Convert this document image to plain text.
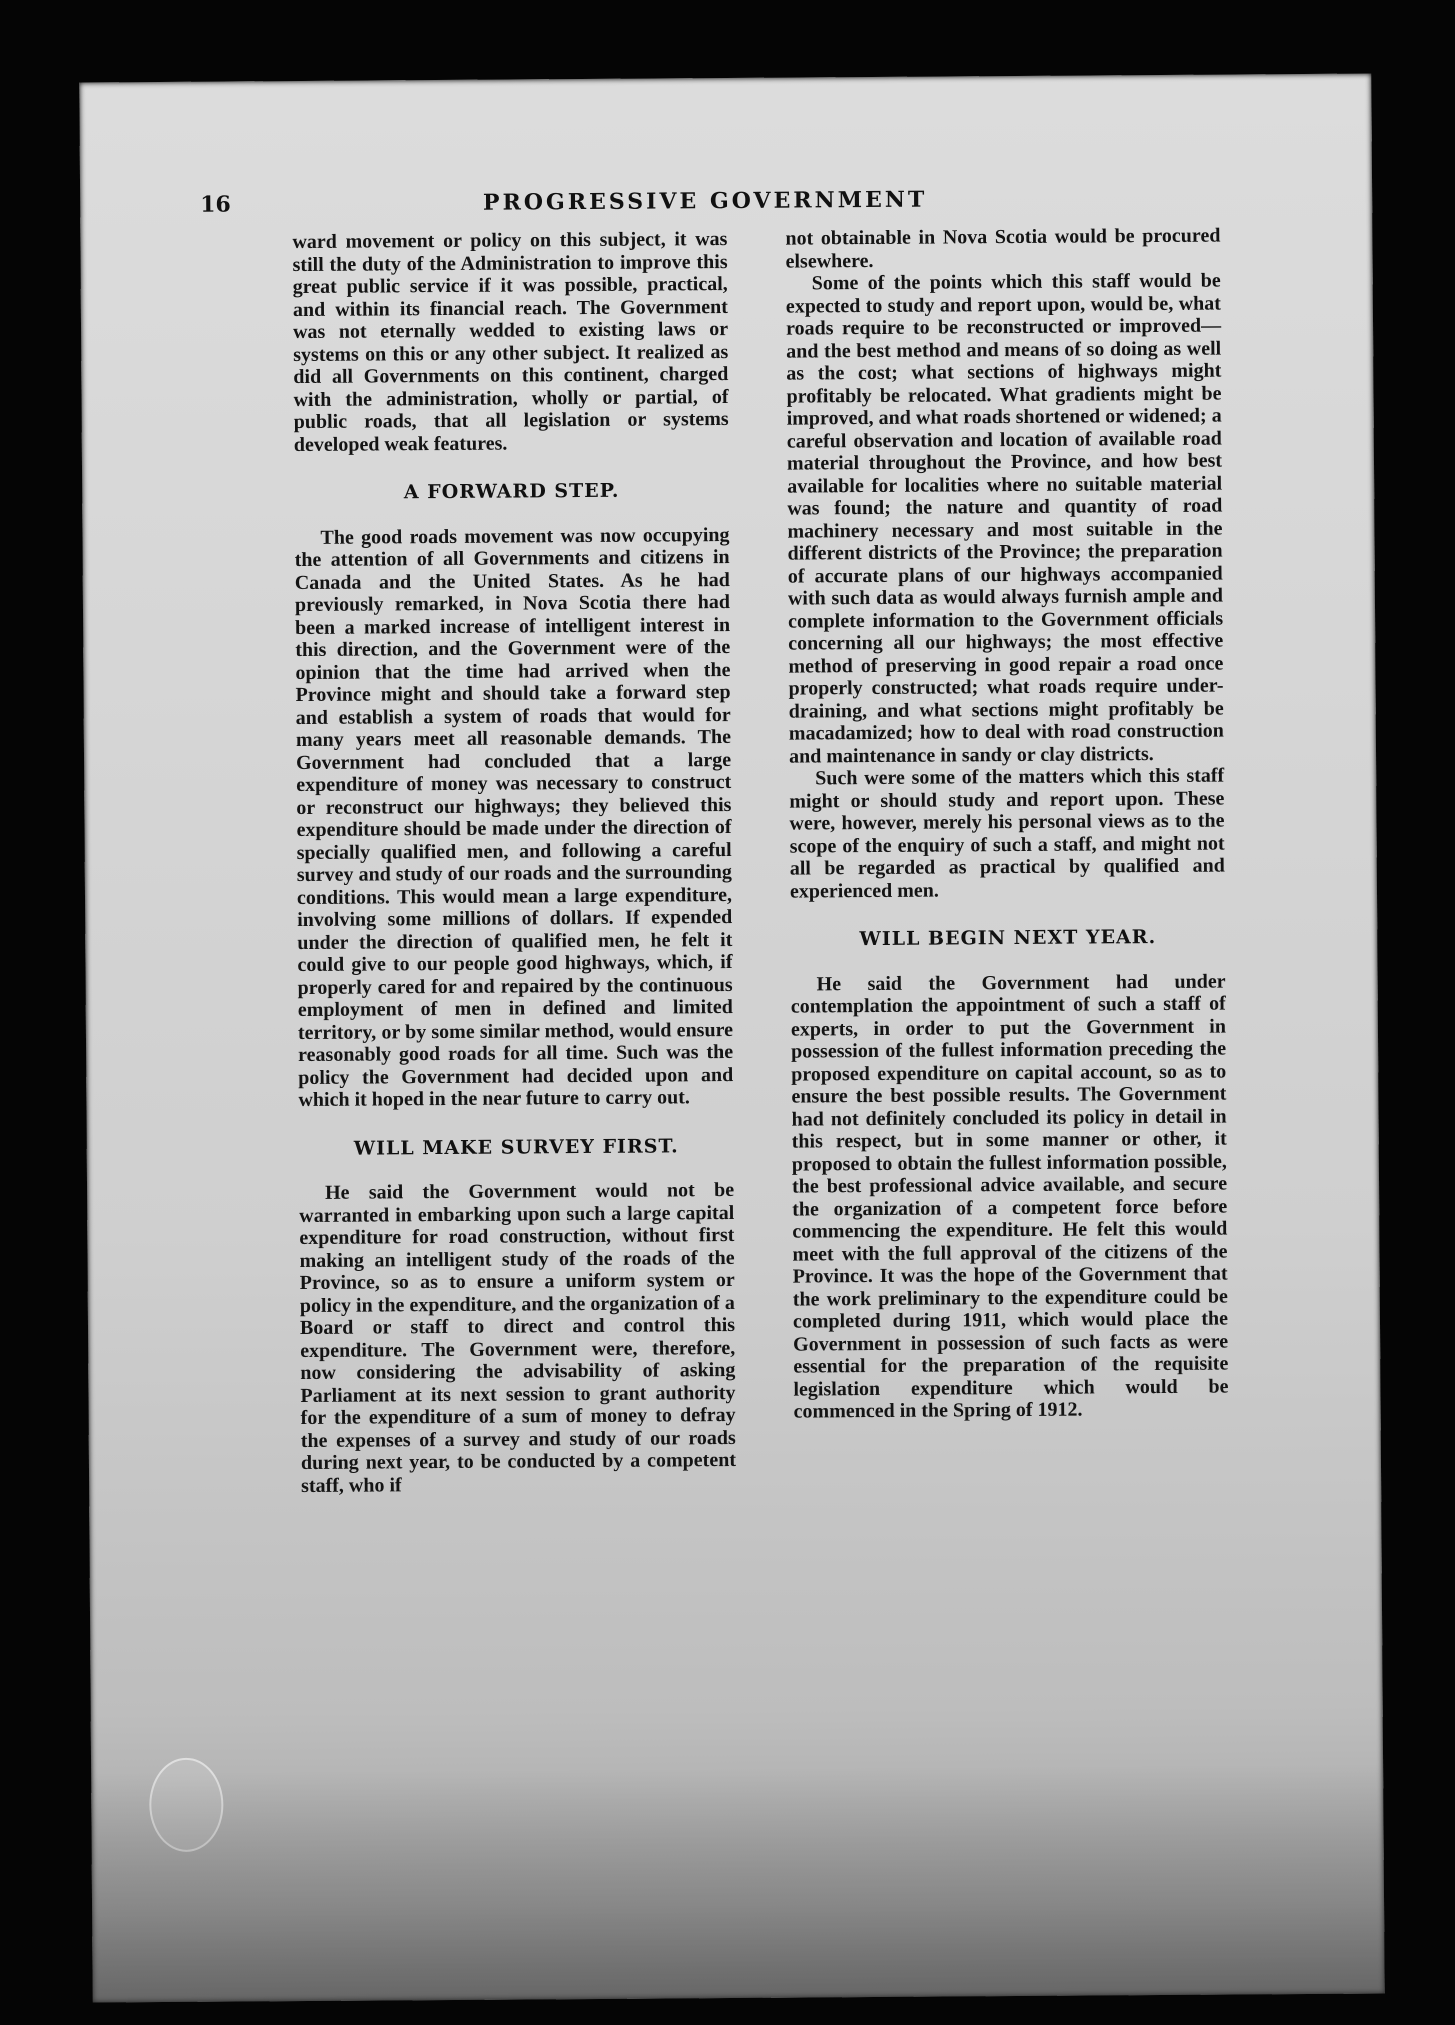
16	PROGRESSIVE GOVERNMENT

ward movement or policy on this subject, it was still the duty of the Administration to improve this great public service if it was possible, practical, and within its financial reach. The Government was not eternally wedded to existing laws or systems on this or any other subject. It realized as did all Governments on this continent, charged with the administration, wholly or partial, of public roads, that all legislation or systems developed weak features.

A FORWARD STEP.

The good roads movement was now occupying the attention of all Governments and citizens in Canada and the United States. As he had previously remarked, in Nova Scotia there had been a marked increase of intelligent interest in this direction, and the Government were of the opinion that the time had arrived when the Province might and should take a forward step and establish a system of roads that would for many years meet all reasonable demands. The Government had concluded that a large expenditure of money was necessary to construct or reconstruct our highways; they believed this expenditure should be made under the direction of specially qualified men, and following a careful survey and study of our roads and the surrounding conditions. This would mean a large expenditure, involving some millions of dollars. If expended under the direction of qualified men, he felt it could give to our people good highways, which, if properly cared for and repaired by the continuous employment of men in defined and limited territory, or by some similar method, would ensure reasonably good roads for all time. Such was the policy the Government had decided upon and which it hoped in the near future to carry out.

WILL MAKE SURVEY FIRST.

He said the Government would not be warranted in embarking upon such a large capital expenditure for road construction, without first making an intelligent study of the roads of the Province, so as to ensure a uniform system or policy in the expenditure, and the organization of a Board or staff to direct and control this expenditure. The Government were, therefore, now considering the advisability of asking Parliament at its next session to grant authority for the expenditure of a sum of money to defray the expenses of a survey and study of our roads during next year, to be conducted by a competent staff, who if

not obtainable in Nova Scotia would be procured elsewhere.

Some of the points which this staff would be expected to study and report upon, would be, what roads require to be reconstructed or improved—and the best method and means of so doing as well as the cost; what sections of highways might profitably be relocated. What gradients might be improved, and what roads shortened or widened; a careful observation and location of available road material throughout the Province, and how best available for localities where no suitable material was found; the nature and quantity of road machinery necessary and most suitable in the different districts of the Province; the preparation of accurate plans of our highways accompanied with such data as would always furnish ample and complete information to the Government officials concerning all our highways; the most effective method of preserving in good repair a road once properly constructed; what roads require under-draining, and what sections might profitably be macadamized; how to deal with road construction and maintenance in sandy or clay districts.

Such were some of the matters which this staff might or should study and report upon. These were, however, merely his personal views as to the scope of the enquiry of such a staff, and might not all be regarded as practical by qualified and experienced men.

WILL BEGIN NEXT YEAR.

He said the Government had under contemplation the appointment of such a staff of experts, in order to put the Government in possession of the fullest information preceding the proposed expenditure on capital account, so as to ensure the best possible results. The Government had not definitely concluded its policy in detail in this respect, but in some manner or other, it proposed to obtain the fullest information possible, the best professional advice available, and secure the organization of a competent force before commencing the expenditure. He felt this would meet with the full approval of the citizens of the Province. It was the hope of the Government that the work preliminary to the expenditure could be completed during 1911, which would place the Government in possession of such facts as were essential for the preparation of the requisite legislation expenditure which would be commenced in the Spring of 1912.
